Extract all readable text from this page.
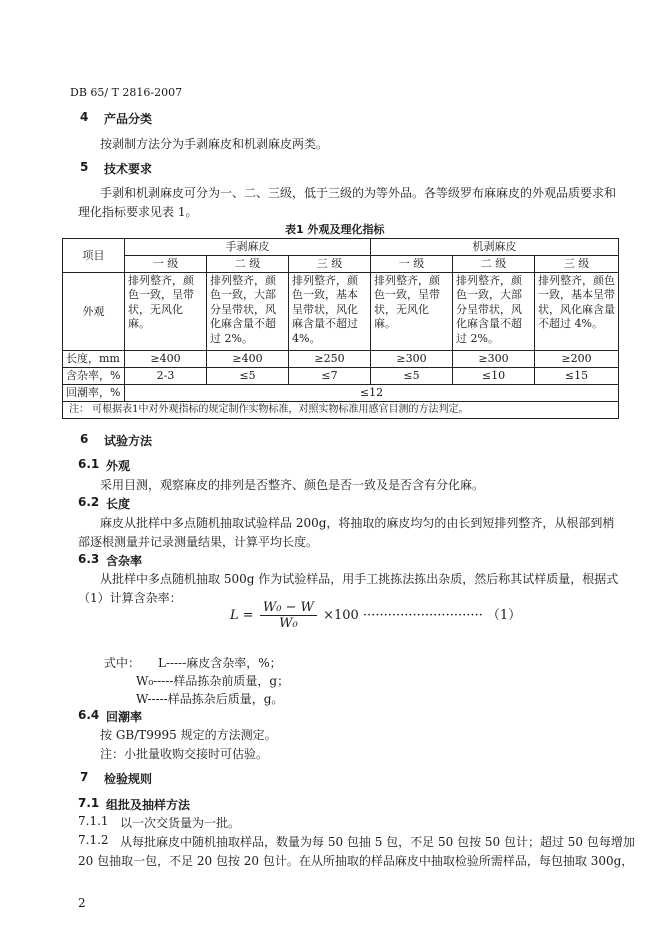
DB 65/ T 2816-2007
4 产品分类
按剥制方法分为手剥麻皮和机剥麻皮两类。
5 技术要求
手剥和机剥麻皮可分为一、二、三级，低于三级的为等外品。各等级罗布麻麻皮的外观品质要求和
理化指标要求见表 1。
表1 外观及理化指标
项目	手剥麻皮			机剥麻皮		
	一 级	二 级	三 级	一 级	二 级	三 级
外观	排列整齐，颜色一致，呈带状，无风化麻。	排列整齐，颜色一致，大部分呈带状，风化麻含量不超过 2%。	排列整齐，颜色一致，基本呈带状，风化麻含量不超过 4%。	排列整齐，颜色一致，呈带状，无风化麻。	排列整齐，颜色一致，大部分呈带状，风化麻含量不超过 2%。	排列整齐，颜色一致，基本呈带状，风化麻含量不超过 4%。
长度，mm	≥400	≥400	≥250	≥300	≥300	≥200
含杂率，%	2-3	≤5	≤7	≤5	≤10	≤15
回潮率，%	≤12					
注： 可根据表1中对外观指标的规定制作实物标准，对照实物标准用感官目测的方法判定。						
6 试验方法
6.1 外观
采用目测，观察麻皮的排列是否整齐、颜色是否一致及是否含有分化麻。
6.2 长度
麻皮从批样中多点随机抽取试验样品 200g，将抽取的麻皮均匀的由长到短排列整齐，从根部到梢
部逐根测量并记录测量结果，计算平均长度。
6.3 含杂率
从批样中多点随机抽取 500g 作为试验样品，用手工挑拣法拣出杂质，然后称其试样质量，根据式
（1）计算含杂率：
$L = \frac{\text{W₀ − W}}{\text{W₀}} \times 100$ ····························· （1）
式中： L-----麻皮含杂率，%；
W₀-----样品拣杂前质量，g；
W-----样品拣杂后质量，g。
6.4 回潮率
按 GB/T9995 规定的方法测定。
注：小批量收购交接时可估验。
7 检验规则
7.1 组批及抽样方法
7.1.1 以一次交货量为一批。
7.1.2 从每批麻皮中随机抽取样品，数量为每 50 包抽 5 包，不足 50 包按 50 包计；超过 50 包每增加
20 包抽取一包，不足 20 包按 20 包计。在从所抽取的样品麻皮中抽取检验所需样品，每包抽取 300g，
2
